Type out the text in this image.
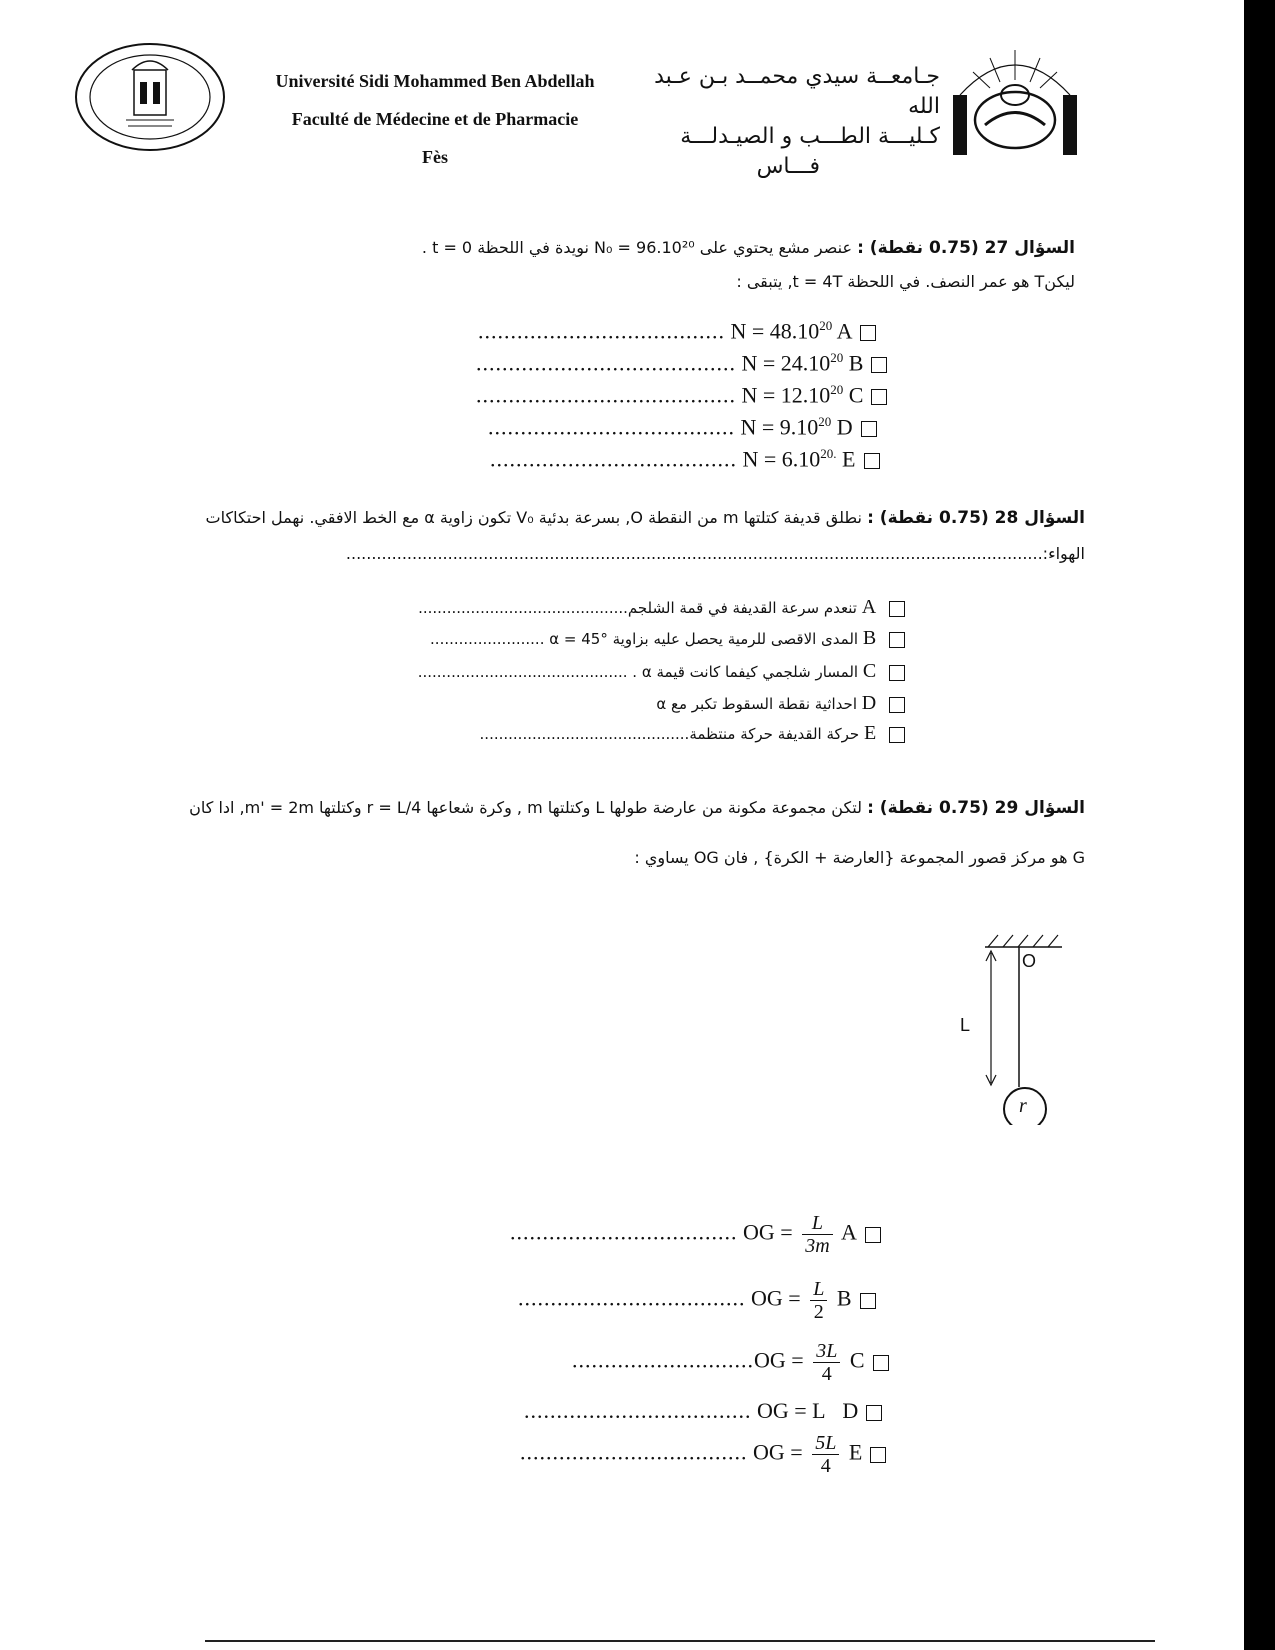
Université Sidi Mohammed Ben Abdellah
Faculté de Médecine et de Pharmacie
Fès
جـامعــة سيدي محمــد بـن عـبد الله
كـليـــة الطـــب و الصيـدلـــة
فـــاس
السؤال 27 (0.75 نقطة) : عنصر مشع يحتوي على N₀ = 96.10²⁰ نويدة في اللحظة t = 0 .
ليكنT هو عمر النصف. في اللحظة t = 4T, يتبقى :
...................................... $N = 48.10^{20}$ A
........................................ $N = 24.10^{20}$ B
........................................ $N = 12.10^{20}$ C
...................................... $N = 9.10^{20}$ D
...................................... $N = 6.10^{20.}$ E
السؤال 28 (0.75 نقطة) : نطلق قديفة كتلتها m من النقطة O, بسرعة بدئية V₀ تكون زاوية α مع الخط الافقي. نهمل احتكاكات
الهواء:.........................................................................................................................................
A تنعدم سرعة القديفة في قمة الشلجم............................................
B المدى الاقصى للرمية يحصل عليه بزاوية α = 45° ........................
C المسار شلجمي كيفما كانت قيمة α . ............................................
D احداثية نقطة السقوط تكبر مع α
E حركة القديفة حركة منتظمة............................................
السؤال 29 (0.75 نقطة) : لتكن مجموعة مكونة من عارضة طولها L وكتلتها m , وكرة شعاعها r = L/4 وكتلتها m' = 2m, ادا كان
G هو مركز قصور المجموعة {العارضة + الكرة} , فان OG يساوي :
O
L
r
................................... OG = $\frac{L}{3m}$ A
................................... OG = $\frac{L}{2}$ B
$............................OG = \frac{3L}{4}$ C
................................... OG = L D
................................... OG = $\frac{5L}{4}$ E
